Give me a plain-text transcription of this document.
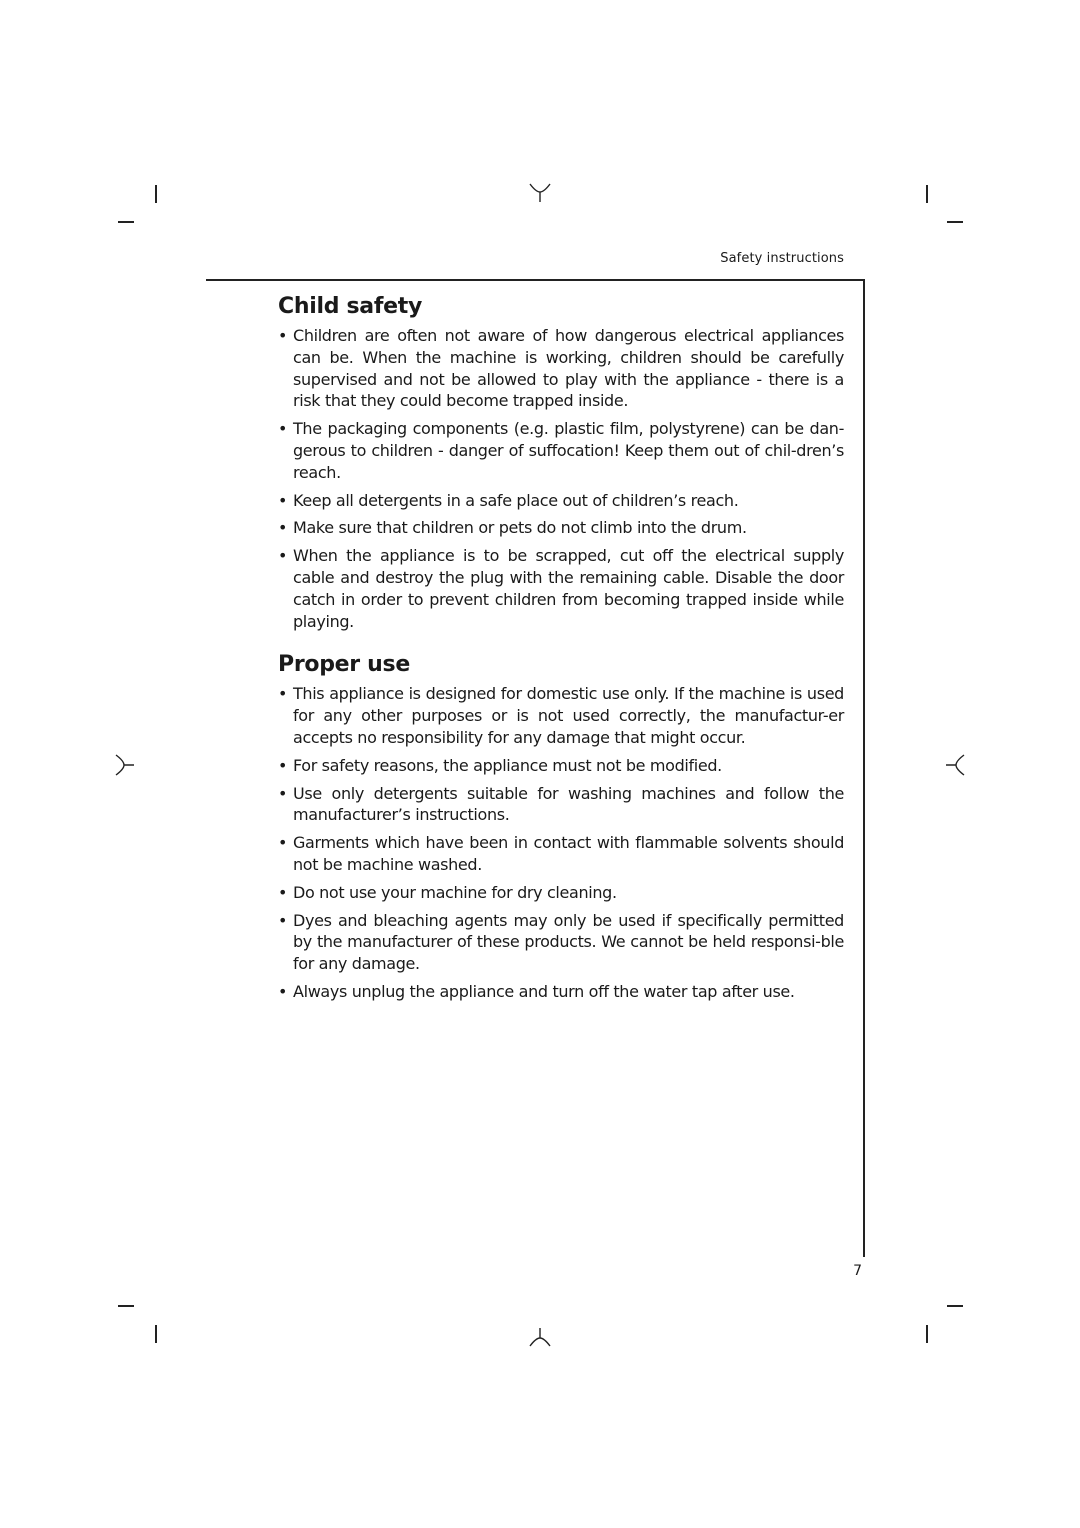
Safety instructions
Child safety
• Children are often not aware of how dangerous electrical appliances can be. When the machine is working, children should be carefully supervised and not be allowed to play with the appliance - there is a risk that they could become trapped inside.
• The packaging components (e.g. plastic film, polystyrene) can be dan-gerous to children - danger of suffocation! Keep them out of chil-dren’s reach.
• Keep all detergents in a safe place out of children’s reach.
• Make sure that children or pets do not climb into the drum.
• When the appliance is to be scrapped, cut off the electrical supply cable and destroy the plug with the remaining cable. Disable the door catch in order to prevent children from becoming trapped inside while playing.
Proper use
• This appliance is designed for domestic use only. If the machine is used for any other purposes or is not used correctly, the manufactur-er accepts no responsibility for any damage that might occur.
• For safety reasons, the appliance must not be modified.
• Use only detergents suitable for washing machines and follow the manufacturer’s instructions.
• Garments which have been in contact with flammable solvents should not be machine washed.
• Do not use your machine for dry cleaning.
• Dyes and bleaching agents may only be used if specifically permitted by the manufacturer of these products. We cannot be held responsi-ble for any damage.
• Always unplug the appliance and turn off the water tap after use.
7
